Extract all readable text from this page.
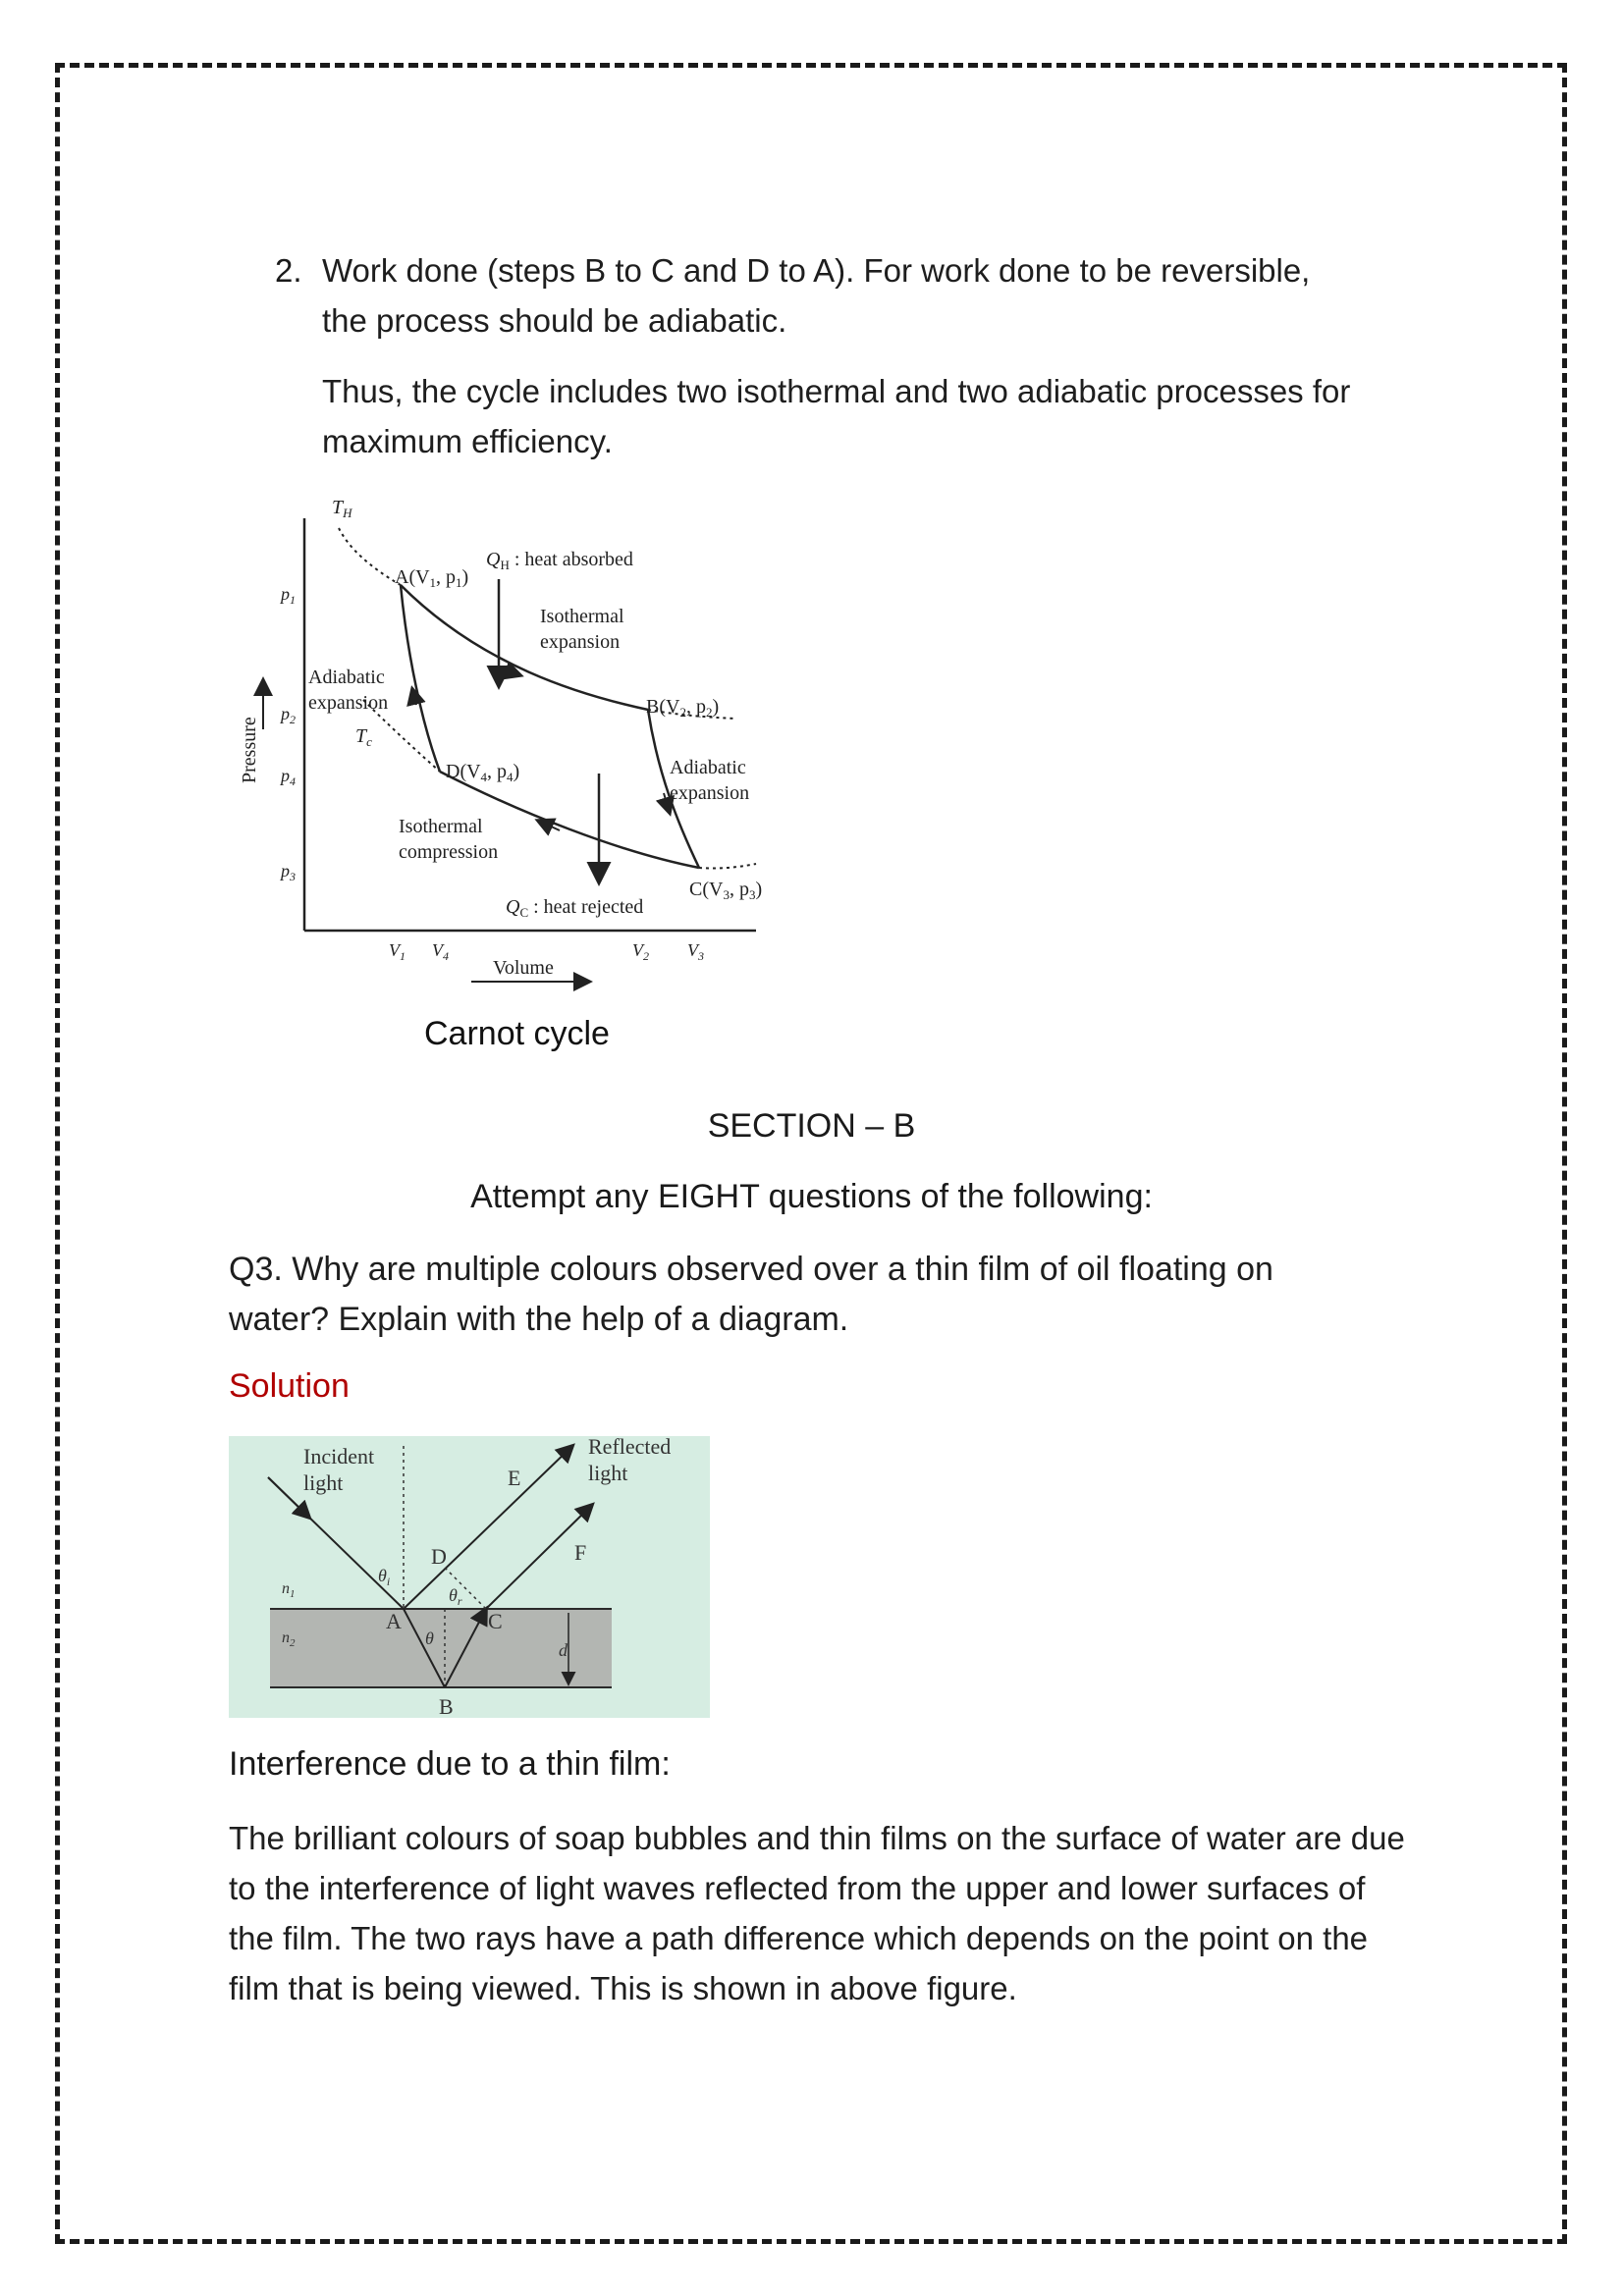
2. Work done (steps B to C and D to A). For work done to be reversible, the process should be adiabatic.
Thus, the cycle includes two isothermal and two adiabatic processes for maximum efficiency.
$T_H$
$A(V_1$, $p_1$)
$Q_H$ : heat absorbed
Isothermal
expansion
Adiabatic
expansion	$B(V_2$, $p_2$)
$T_c$
$D(V_4$, $p_4$)	Adiabatic
expansion
Isothermal
compression
$C(V_3$, $p_3$)
$Q_C$ : heat rejected
Volume
Pressure
$p_1$
$p_2$
$p_4$
$p_3$
$V_1$ $V_4$	$V_2$ $V_3$
Carnot cycle
SECTION – B
Attempt any EIGHT questions of the following:
Q3. Why are multiple colours observed over a thin film of oil floating on water? Explain with the help of a diagram.
Solution
Incident
light
Reflected
light
E
F
D
A	C
B
$\theta_i$
$\theta_r$
θ
$n_1$
$n_2$	d
Interference due to a thin film:
The brilliant colours of soap bubbles and thin films on the surface of water are due to the interference of light waves reflected from the upper and lower surfaces of the film. The two rays have a path difference which depends on the point on the film that is being viewed. This is shown in above figure.
